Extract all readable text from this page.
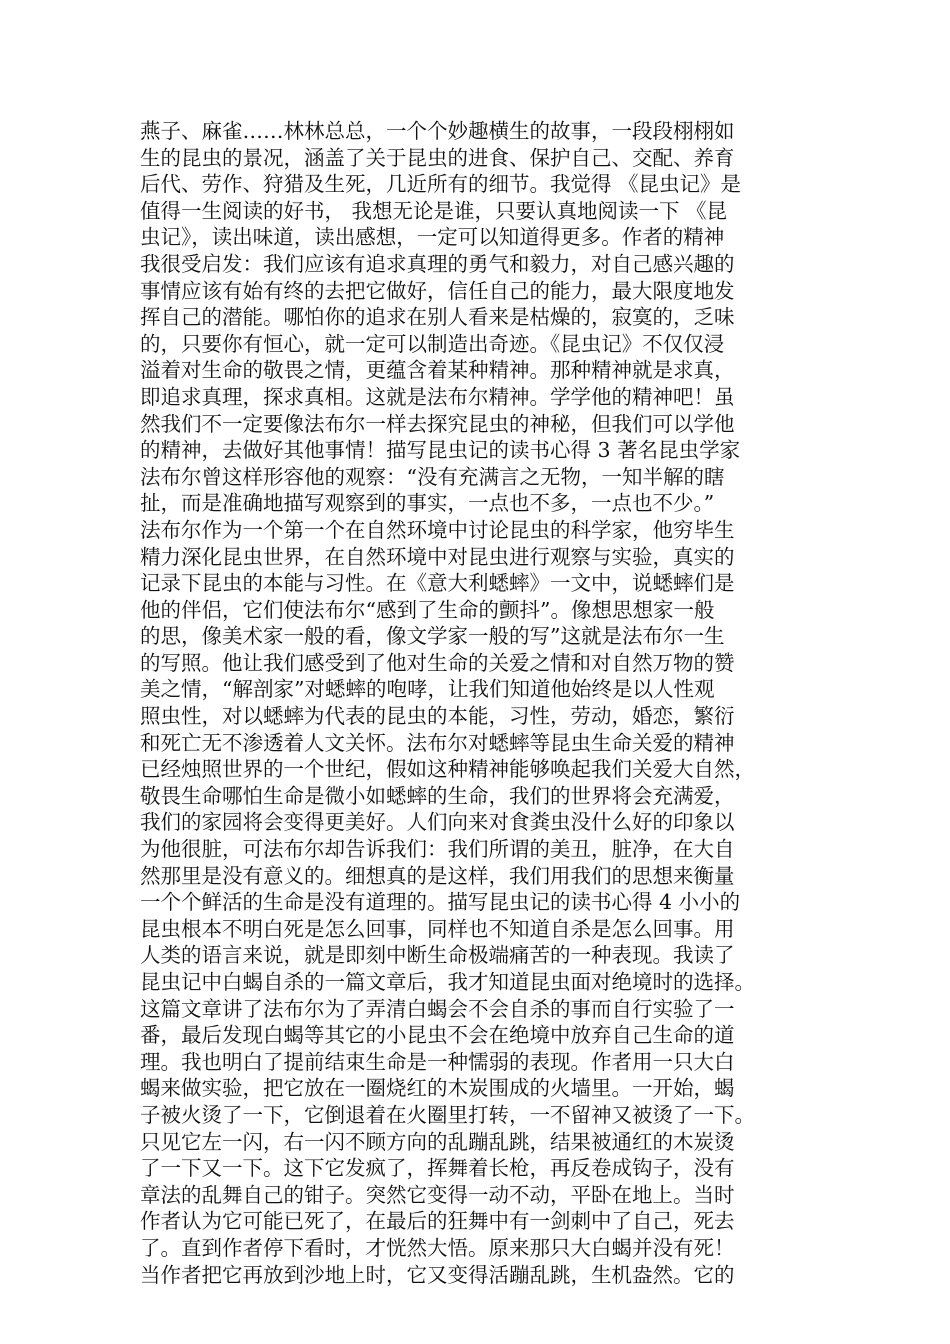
燕子、麻雀……林林总总，一个个妙趣横生的故事，一段段栩栩如
生的昆虫的景况，涵盖了关于昆虫的进食、保护自己、交配、养育
后代、劳作、狩猎及生死，几近所有的细节。我觉得 《昆虫记》是
值得一生阅读的好书， 我想无论是谁，只要认真地阅读一下 《昆
虫记》，读出味道，读出感想，一定可以知道得更多。作者的精神
我很受启发：我们应该有追求真理的勇气和毅力，对自己感兴趣的
事情应该有始有终的去把它做好，信任自己的能力，最大限度地发
挥自己的潜能。哪怕你的追求在别人看来是枯燥的，寂寞的，乏味
的，只要你有恒心，就一定可以制造出奇迹。《昆虫记》不仅仅浸
溢着对生命的敬畏之情，更蕴含着某种精神。那种精神就是求真，
即追求真理，探求真相。这就是法布尔精神。学学他的精神吧！虽
然我们不一定要像法布尔一样去探究昆虫的神秘，但我们可以学他
的精神，去做好其他事情！描写昆虫记的读书心得 3 著名昆虫学家
法布尔曾这样形容他的观察：“没有充满言之无物，一知半解的瞎
扯，而是准确地描写观察到的事实，一点也不多，一点也不少。”
法布尔作为一个第一个在自然环境中讨论昆虫的科学家，他穷毕生
精力深化昆虫世界，在自然环境中对昆虫进行观察与实验，真实的
记录下昆虫的本能与习性。在《意大利蟋蟀》一文中，说蟋蟀们是
他的伴侣，它们使法布尔“感到了生命的颤抖”。像想思想家一般
的思，像美术家一般的看，像文学家一般的写”这就是法布尔一生
的写照。他让我们感受到了他对生命的关爱之情和对自然万物的赞
美之情，“解剖家”对蟋蟀的咆哮，让我们知道他始终是以人性观
照虫性，对以蟋蟀为代表的昆虫的本能，习性，劳动，婚恋，繁衍
和死亡无不渗透着人文关怀。法布尔对蟋蟀等昆虫生命关爱的精神
已经烛照世界的一个世纪，假如这种精神能够唤起我们关爱大自然，
敬畏生命哪怕生命是微小如蟋蟀的生命，我们的世界将会充满爱，
我们的家园将会变得更美好。人们向来对食粪虫没什么好的印象以
为他很脏，可法布尔却告诉我们：我们所谓的美丑，脏净，在大自
然那里是没有意义的。细想真的是这样，我们用我们的思想来衡量
一个个鲜活的生命是没有道理的。描写昆虫记的读书心得 4 小小的
昆虫根本不明白死是怎么回事，同样也不知道自杀是怎么回事。用
人类的语言来说，就是即刻中断生命极端痛苦的一种表现。我读了
昆虫记中白蝎自杀的一篇文章后，我才知道昆虫面对绝境时的选择。
这篇文章讲了法布尔为了弄清白蝎会不会自杀的事而自行实验了一
番，最后发现白蝎等其它的小昆虫不会在绝境中放弃自己生命的道
理。我也明白了提前结束生命是一种懦弱的表现。作者用一只大白
蝎来做实验，把它放在一圈烧红的木炭围成的火墙里。一开始，蝎
子被火烫了一下，它倒退着在火圈里打转，一不留神又被烫了一下。
只见它左一闪，右一闪不顾方向的乱蹦乱跳，结果被通红的木炭烫
了一下又一下。这下它发疯了，挥舞着长枪，再反卷成钩子，没有
章法的乱舞自己的钳子。突然它变得一动不动，平卧在地上。当时
作者认为它可能已死了，在最后的狂舞中有一剑刺中了自己，死去
了。直到作者停下看时，才恍然大悟。原来那只大白蝎并没有死！
当作者把它再放到沙地上时，它又变得活蹦乱跳，生机盎然。它的
